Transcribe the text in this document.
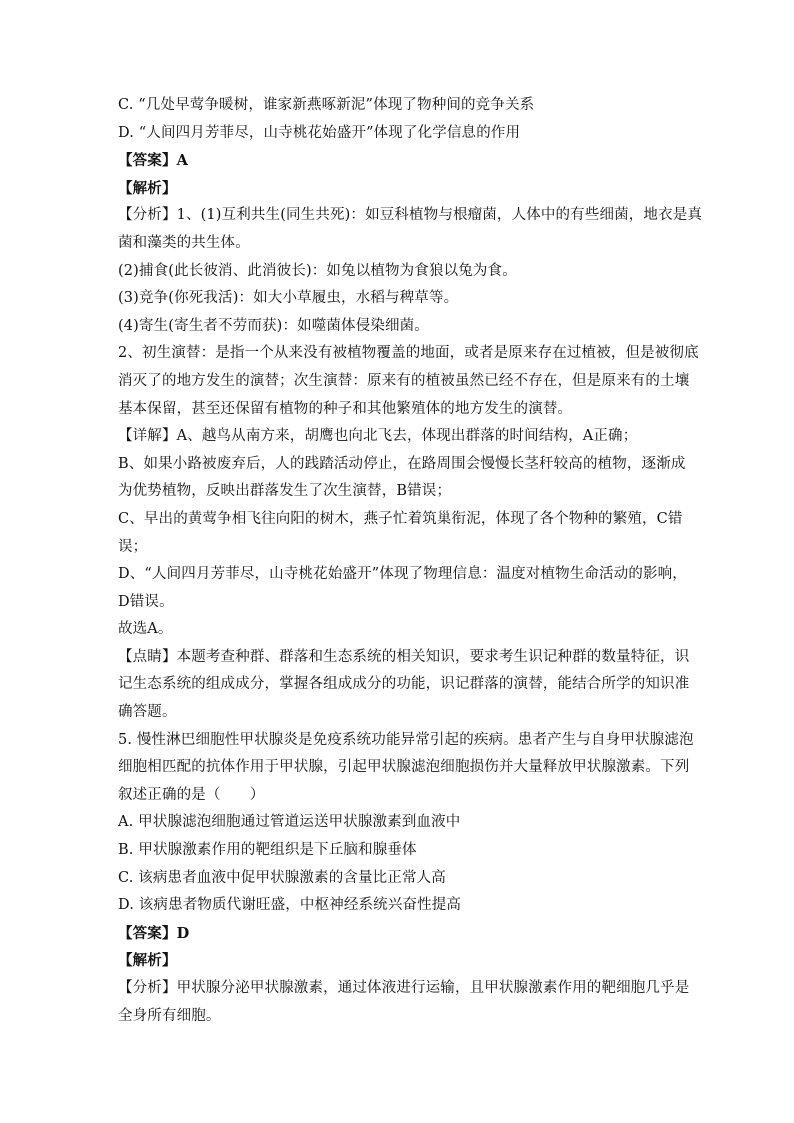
C. “几处早莺争暖树，谁家新燕啄新泥”体现了物种间的竞争关系
D. “人间四月芳菲尽，山寺桃花始盛开”体现了化学信息的作用
【答案】A
【解析】
【分析】1、(1)互利共生(同生共死)：如豆科植物与根瘤菌，人体中的有些细菌，地衣是真
菌和藻类的共生体。
(2)捕食(此长彼消、此消彼长)：如兔以植物为食狼以兔为食。
(3)竞争(你死我活)：如大小草履虫，水稻与稗草等。
(4)寄生(寄生者不劳而获)：如噬菌体侵染细菌。
2、初生演替：是指一个从来没有被植物覆盖的地面，或者是原来存在过植被，但是被彻底
消灭了的地方发生的演替；次生演替：原来有的植被虽然已经不存在，但是原来有的土壤
基本保留，甚至还保留有植物的种子和其他繁殖体的地方发生的演替。
【详解】A、越鸟从南方来，胡鹰也向北飞去，体现出群落的时间结构，A正确；
B、如果小路被废弃后，人的践踏活动停止，在路周围会慢慢长茎秆较高的植物，逐渐成
为优势植物，反映出群落发生了次生演替，B错误；
C、早出的黄莺争相飞往向阳的树木，燕子忙着筑巢衔泥，体现了各个物种的繁殖，C错
误；
D、“人间四月芳菲尽，山寺桃花始盛开”体现了物理信息：温度对植物生命活动的影响，
D错误。
故选A。
【点睛】本题考查种群、群落和生态系统的相关知识，要求考生识记种群的数量特征，识
记生态系统的组成成分，掌握各组成成分的功能，识记群落的演替，能结合所学的知识准
确答题。
5. 慢性淋巴细胞性甲状腺炎是免疫系统功能异常引起的疾病。患者产生与自身甲状腺滤泡
细胞相匹配的抗体作用于甲状腺，引起甲状腺滤泡细胞损伤并大量释放甲状腺激素。下列
叙述正确的是（　　）
A. 甲状腺滤泡细胞通过管道运送甲状腺激素到血液中
B. 甲状腺激素作用的靶组织是下丘脑和腺垂体
C. 该病患者血液中促甲状腺激素的含量比正常人高
D. 该病患者物质代谢旺盛，中枢神经系统兴奋性提高
【答案】D
【解析】
【分析】甲状腺分泌甲状腺激素，通过体液进行运输，且甲状腺激素作用的靶细胞几乎是
全身所有细胞。
